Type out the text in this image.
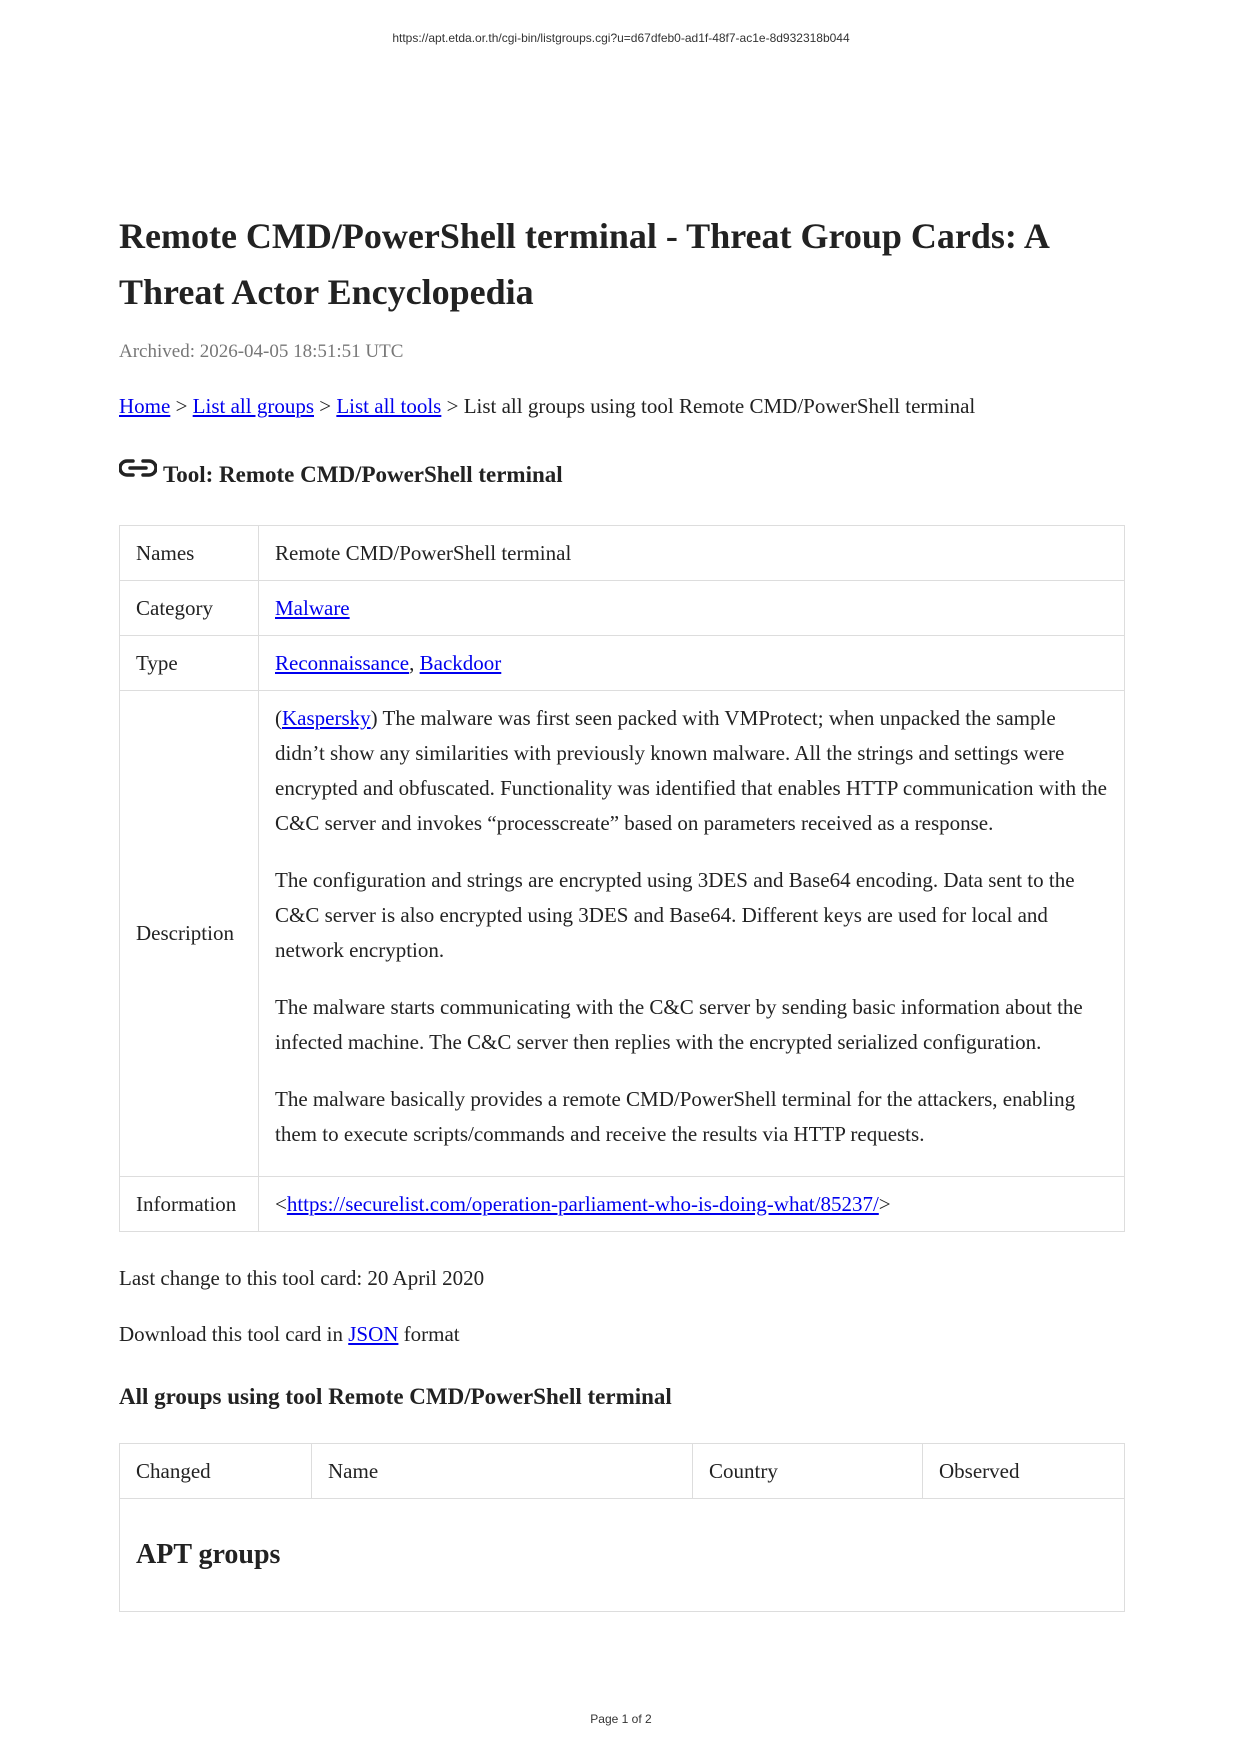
https://apt.etda.or.th/cgi-bin/listgroups.cgi?u=d67dfeb0-ad1f-48f7-ac1e-8d932318b044
Remote CMD/PowerShell terminal - Threat Group Cards: A Threat Actor Encyclopedia
Archived: 2026-04-05 18:51:51 UTC
Home > List all groups > List all tools > List all groups using tool Remote CMD/PowerShell terminal
Tool: Remote CMD/PowerShell terminal
Names	Remote CMD/PowerShell terminal
Category	Malware
Type	Reconnaissance, Backdoor
Description	(Kaspersky) The malware was first seen packed with VMProtect; when unpacked the sample didn’t show any similarities with previously known malware. All the strings and settings were encrypted and obfuscated. Functionality was identified that enables HTTP communication with the C&C server and invokes “processcreate” based on parameters received as a response.

The configuration and strings are encrypted using 3DES and Base64 encoding. Data sent to the C&C server is also encrypted using 3DES and Base64. Different keys are used for local and network encryption.

The malware starts communicating with the C&C server by sending basic information about the infected machine. The C&C server then replies with the encrypted serialized configuration.

The malware basically provides a remote CMD/PowerShell terminal for the attackers, enabling them to execute scripts/commands and receive the results via HTTP requests.

Information	<https://securelist.com/operation-parliament-who-is-doing-what/85237/>
Last change to this tool card: 20 April 2020
Download this tool card in JSON format
All groups using tool Remote CMD/PowerShell terminal
Changed	Name	Country	Observed
APT groups
Page 1 of 2
